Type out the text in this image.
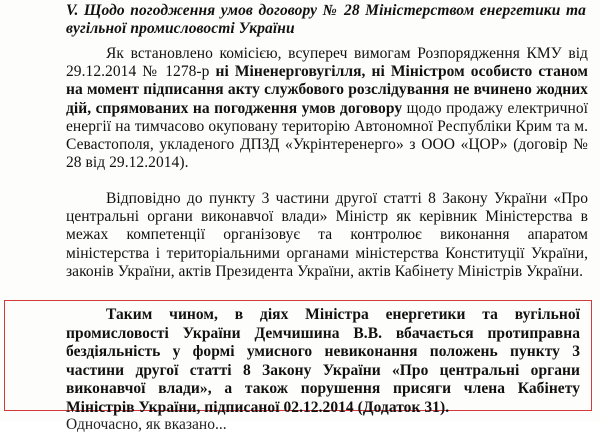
V. Щодо погодження умов договору № 28 Міністерством енергетики та вугільної промисловості України
Як встановлено комісією, всупереч вимогам Розпорядження КМУ від 29.12.2014 № 1278-р ні Міненерговугілля, ні Міністром особисто станом на момент підписання акту службового розслідування не вчинено жодних дій, спрямованих на погодження умов договору щодо продажу електричної енергії на тимчасово окуповану територію Автономної Республіки Крим та м. Севастополя, укладеного ДПЗД «Укрінтеренерго» з ООО «ЦОР» (договір № 28 від 29.12.2014).
Відповідно до пункту 3 частини другої статті 8 Закону України «Про центральні органи виконавчої влади» Міністр як керівник Міністерства в межах компетенції організовує та контролює виконання апаратом міністерства і територіальними органами міністерства Конституції України, законів України, актів Президента України, актів Кабінету Міністрів України.
Таким чином, в діях Міністра енергетики та вугільної промисловості України Демчишина В.В. вбачається протиправна бездіяльність у формі умисного невиконання положень пункту 3 частини другої статті 8 Закону України «Про центральні органи виконавчої влади», а також порушення присяги члена Кабінету Міністрів України, підписаної 02.12.2014 (Додаток 31).
Одночасно, як вказано...
